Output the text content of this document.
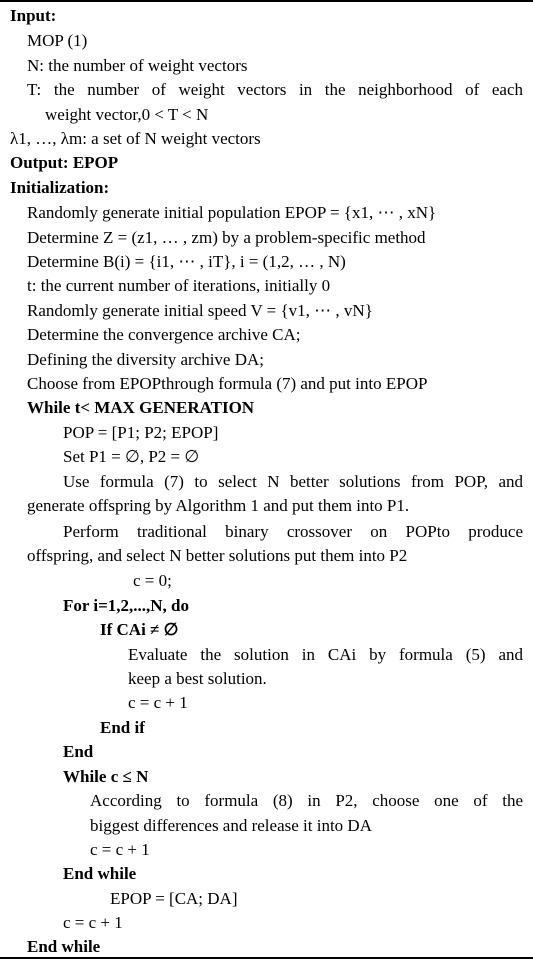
Input:
MOP (1)
N: the number of weight vectors
T: the number of weight vectors in the neighborhood of each
weight vector,0 < T < N
λ1, …, λm: a set of N weight vectors
Output: EPOP
Initialization:
Randomly generate initial population EPOP = {x1, ⋯ , xN}
Determine Z = (z1, … , zm) by a problem-specific method
Determine B(i) = {i1, ⋯ , iT}, i = (1,2, … , N)
t: the current number of iterations, initially 0
Randomly generate initial speed V = {v1, ⋯ , vN}
Determine the convergence archive CA;
Defining the diversity archive DA;
Choose from EPOPthrough formula (7) and put into EPOP
While t< MAX GENERATION
POP = [P1; P2; EPOP]
Set P1 = ∅, P2 = ∅
Use formula (7) to select N better solutions from POP, and
generate offspring by Algorithm 1 and put them into P1.
Perform traditional binary crossover on POPto produce
offspring, and select N better solutions put them into P2
c = 0;
For i=1,2,...,N, do
If CAi ≠ ∅
Evaluate the solution in CAi by formula (5) and
keep a best solution.
c = c + 1
End if
End
While c ≤ N
According to formula (8) in P2, choose one of the
biggest differences and release it into DA
c = c + 1
End while
EPOP = [CA; DA]
c = c + 1
End while
